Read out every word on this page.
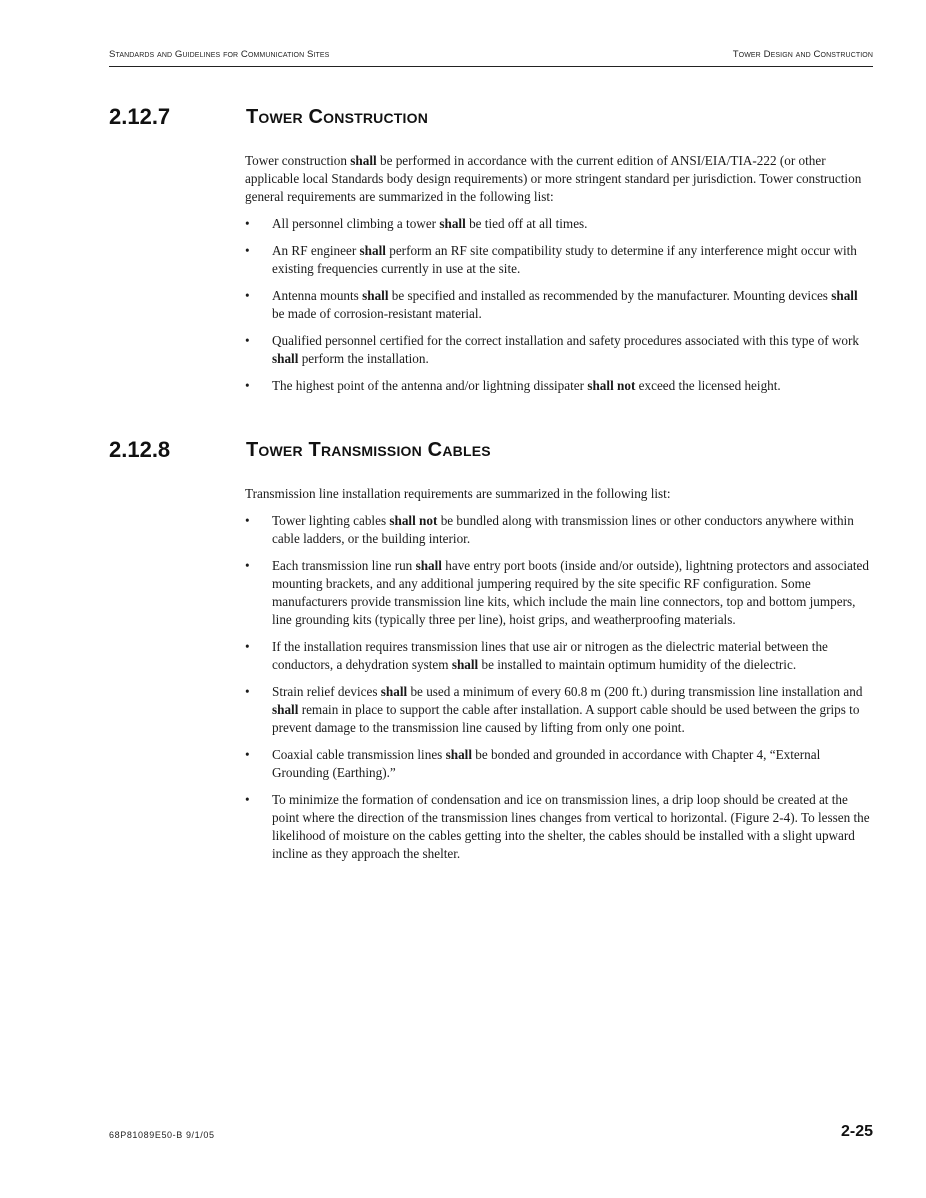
Standards and Guidelines for Communication Sites	Tower Design and Construction
2.12.7	Tower Construction

Tower construction shall be performed in accordance with the current edition of ANSI/EIA/TIA-222 (or other applicable local Standards body design requirements) or more stringent standard per jurisdiction. Tower construction general requirements are summarized in the following list:

• All personnel climbing a tower shall be tied off at all times.
• An RF engineer shall perform an RF site compatibility study to determine if any interference might occur with existing frequencies currently in use at the site.
• Antenna mounts shall be specified and installed as recommended by the manufacturer. Mounting devices shall be made of corrosion-resistant material.
• Qualified personnel certified for the correct installation and safety procedures associated with this type of work shall perform the installation.
• The highest point of the antenna and/or lightning dissipater shall not exceed the licensed height.
2.12.8	Tower Transmission Cables

Transmission line installation requirements are summarized in the following list:

• Tower lighting cables shall not be bundled along with transmission lines or other conductors anywhere within cable ladders, or the building interior.
• Each transmission line run shall have entry port boots (inside and/or outside), lightning protectors and associated mounting brackets, and any additional jumpering required by the site specific RF configuration. Some manufacturers provide transmission line kits, which include the main line connectors, top and bottom jumpers, line grounding kits (typically three per line), hoist grips, and weatherproofing materials.
• If the installation requires transmission lines that use air or nitrogen as the dielectric material between the conductors, a dehydration system shall be installed to maintain optimum humidity of the dielectric.
• Strain relief devices shall be used a minimum of every 60.8 m (200 ft.) during transmission line installation and shall remain in place to support the cable after installation. A support cable should be used between the grips to prevent damage to the transmission line caused by lifting from only one point.
• Coaxial cable transmission lines shall be bonded and grounded in accordance with Chapter 4, “External Grounding (Earthing).”
• To minimize the formation of condensation and ice on transmission lines, a drip loop should be created at the point where the direction of the transmission lines changes from vertical to horizontal. (Figure 2-4). To lessen the likelihood of moisture on the cables getting into the shelter, the cables should be installed with a slight upward incline as they approach the shelter.
68P81089E50-B 9/1/05	2-25
